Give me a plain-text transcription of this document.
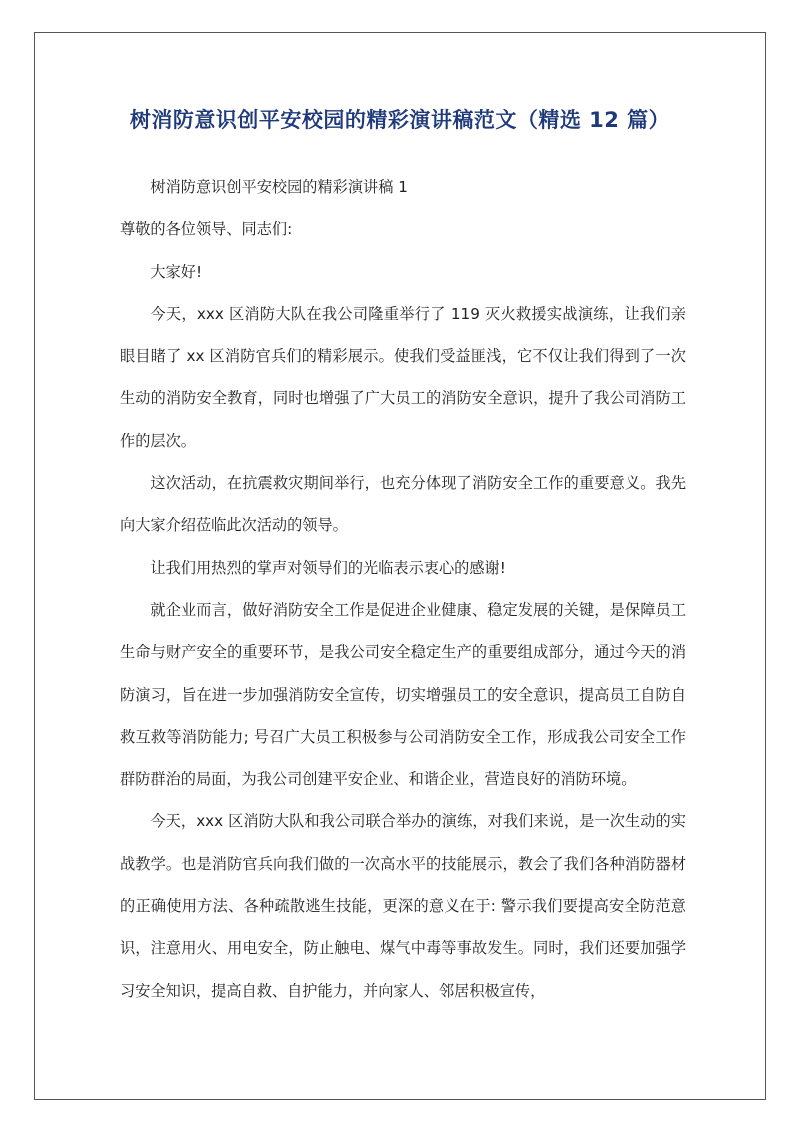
树消防意识创平安校园的精彩演讲稿范文（精选 12 篇）

树消防意识创平安校园的精彩演讲稿 1

尊敬的各位领导、同志们:

大家好!

今天，xxx 区消防大队在我公司隆重举行了 119 灭火救援实战演练，让我们亲眼目睹了 xx 区消防官兵们的精彩展示。使我们受益匪浅，它不仅让我们得到了一次生动的消防安全教育，同时也增强了广大员工的消防安全意识，提升了我公司消防工作的层次。

这次活动，在抗震救灾期间举行，也充分体现了消防安全工作的重要意义。我先向大家介绍莅临此次活动的领导。

让我们用热烈的掌声对领导们的光临表示衷心的感谢!

就企业而言，做好消防安全工作是促进企业健康、稳定发展的关键，是保障员工生命与财产安全的重要环节，是我公司安全稳定生产的重要组成部分，通过今天的消防演习，旨在进一步加强消防安全宣传，切实增强员工的安全意识，提高员工自防自救互救等消防能力; 号召广大员工积极参与公司消防安全工作，形成我公司安全工作群防群治的局面，为我公司创建平安企业、和谐企业，营造良好的消防环境。

今天，xxx 区消防大队和我公司联合举办的演练，对我们来说，是一次生动的实战教学。也是消防官兵向我们做的一次高水平的技能展示，教会了我们各种消防器材的正确使用方法、各种疏散逃生技能，更深的意义在于: 警示我们要提高安全防范意识，注意用火、用电安全，防止触电、煤气中毒等事故发生。同时，我们还要加强学习安全知识，提高自救、自护能力，并向家人、邻居积极宣传，
